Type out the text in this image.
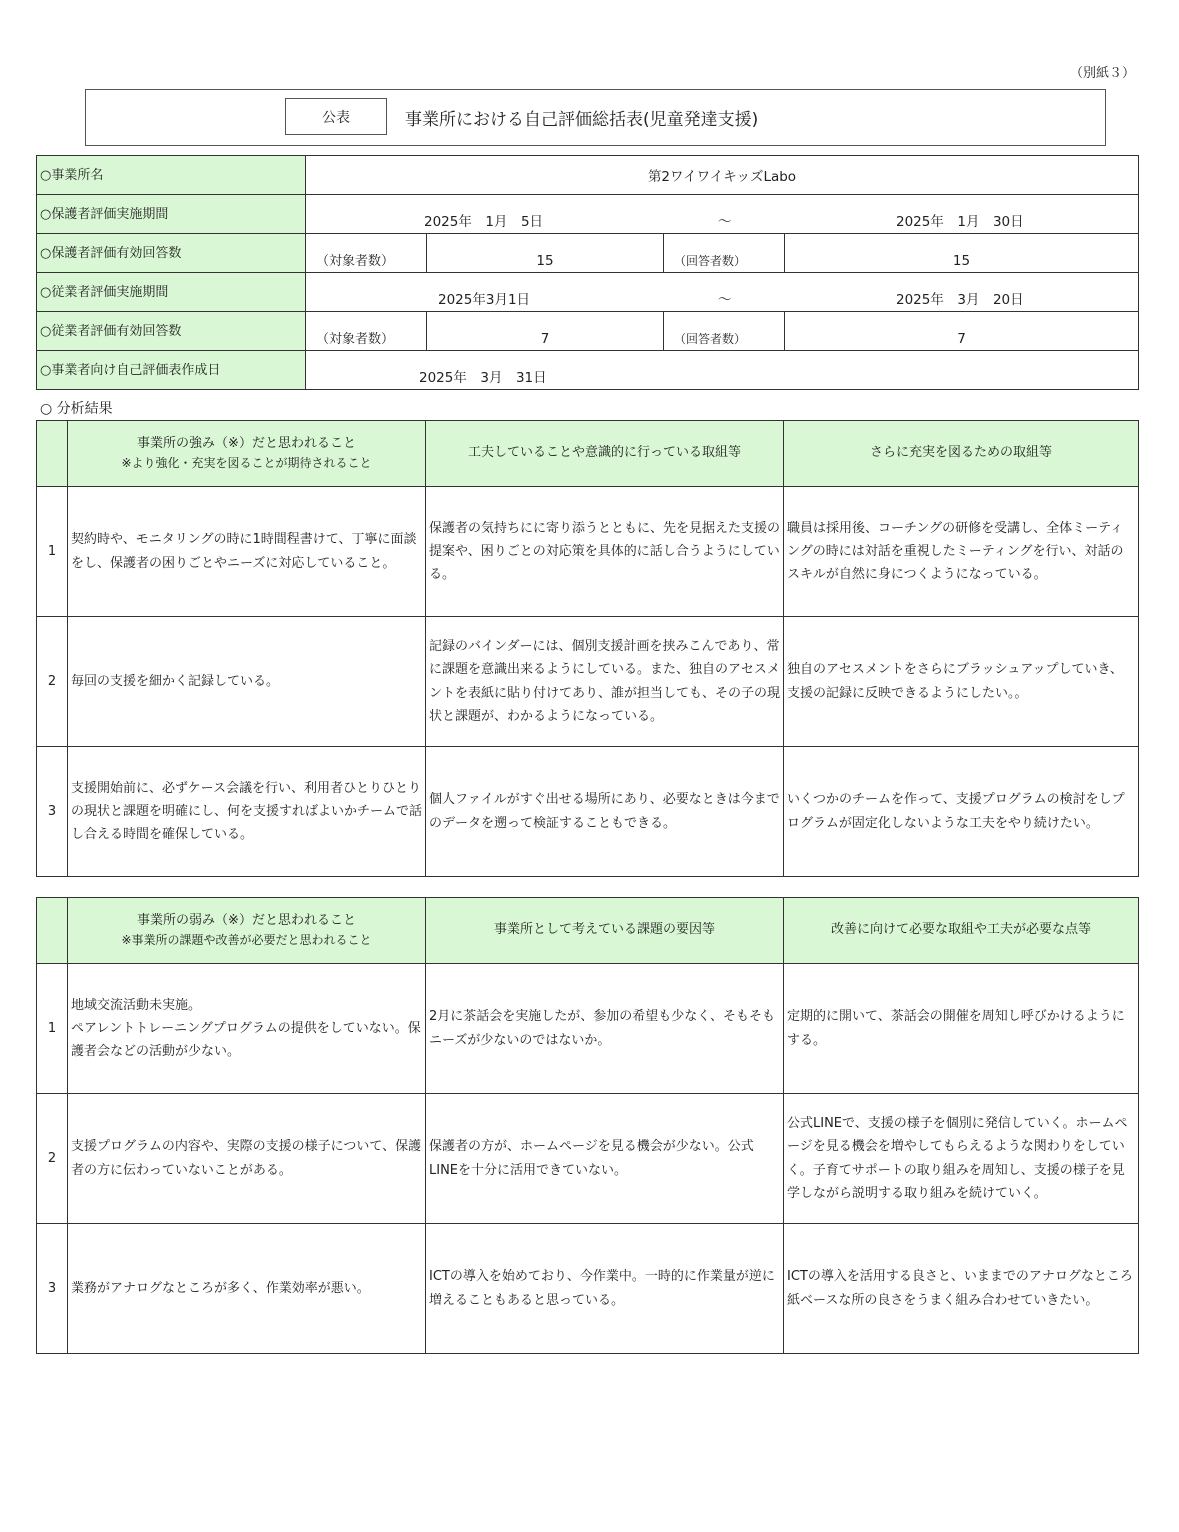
（別紙３）
公表	事業所における自己評価総括表(児童発達支援)
○事業所名	第2ワイワイキッズLabo			
○保護者評価実施期間	2025年　1月　5日 ～ 2025年　1月　30日			

○保護者評価有効回答数	（対象者数）	15	（回答者数）	15
○従業者評価実施期間	2025年3月1日 ～ 2025年　3月　20日			

○従業者評価有効回答数	（対象者数）	7	（回答者数）	7
○事業者向け自己評価表作成日	2025年　3月　31日			
○ 分析結果

	事業所の強み（※）だと思われること
※より強化・充実を図ることが期待されること	工夫していることや意識的に行っている取組等	さらに充実を図るための取組等
1	契約時や、モニタリングの時に1時間程書けて、丁寧に面談をし、保護者の困りごとやニーズに対応していること。	保護者の気持ちにに寄り添うとともに、先を見据えた支援の提案や、困りごとの対応策を具体的に話し合うようにしている。	職員は採用後、コーチングの研修を受講し、全体ミーティングの時には対話を重視したミーティングを行い、対話のスキルが自然に身につくようになっている。
2	毎回の支援を細かく記録している。	記録のバインダーには、個別支援計画を挟みこんであり、常に課題を意識出来るようにしている。また、独自のアセスメントを表紙に貼り付けてあり、誰が担当しても、その子の現状と課題が、わかるようになっている。	独自のアセスメントをさらにブラッシュアップしていき、支援の記録に反映できるようにしたい。。
3	支援開始前に、必ずケース会議を行い、利用者ひとりひとりの現状と課題を明確にし、何を支援すればよいかチームで話し合える時間を確保している。	個人ファイルがすぐ出せる場所にあり、必要なときは今までのデータを遡って検証することもできる。	いくつかのチームを作って、支援プログラムの検討をしプログラムが固定化しないような工夫をやり続けたい。

	事業所の弱み（※）だと思われること
※事業所の課題や改善が必要だと思われること	事業所として考えている課題の要因等	改善に向けて必要な取組や工夫が必要な点等
1	地域交流活動未実施。
ペアレントトレーニングプログラムの提供をしていない。保護者会などの活動が少ない。	2月に茶話会を実施したが、参加の希望も少なく、そもそもニーズが少ないのではないか。	定期的に開いて、茶話会の開催を周知し呼びかけるようにする。
2	支援プログラムの内容や、実際の支援の様子について、保護者の方に伝わっていないことがある。	保護者の方が、ホームページを見る機会が少ない。公式LINEを十分に活用できていない。	公式LINEで、支援の様子を個別に発信していく。ホームページを見る機会を増やしてもらえるような関わりをしていく。子育てサポートの取り組みを周知し、支援の様子を見学しながら説明する取り組みを続けていく。
3	業務がアナログなところが多く、作業効率が悪い。	ICTの導入を始めており、今作業中。一時的に作業量が逆に増えることもあると思っている。	ICTの導入を活用する良さと、いままでのアナログなところ紙ベースな所の良さをうまく組み合わせていきたい。
